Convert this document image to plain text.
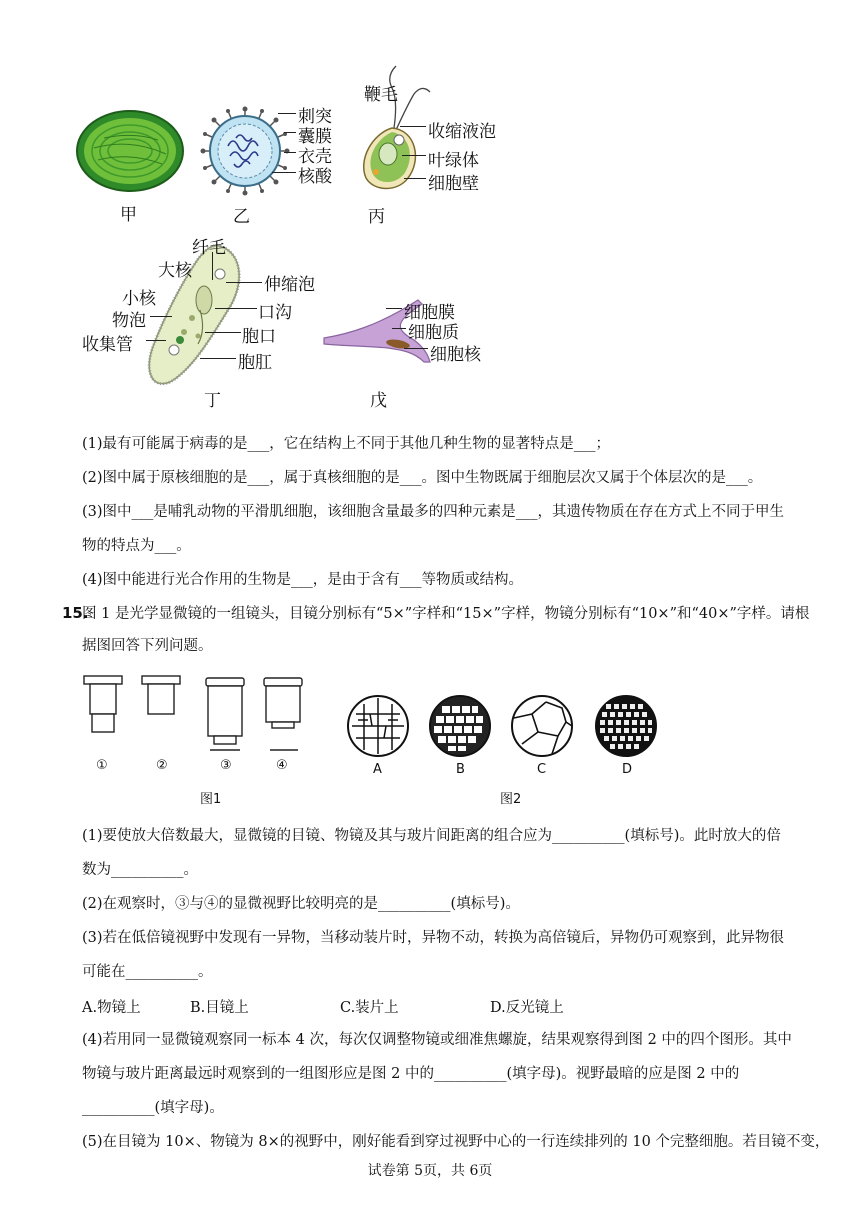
甲
刺突
囊膜
衣壳
核酸
乙
鞭毛
收缩液泡
叶绿体
细胞壁
丙
纤毛
大核
伸缩泡
小核
口沟
物泡
胞口
收集管
胞肛
丁
细胞膜
细胞质
细胞核
戊
(1)最有可能属于病毒的是___，它在结构上不同于其他几种生物的显著特点是___；
(2)图中属于原核细胞的是___，属于真核细胞的是___。图中生物既属于细胞层次又属于个体层次的是___。
(3)图中___是哺乳动物的平滑肌细胞，该细胞含量最多的四种元素是___，其遗传物质在存在方式上不同于甲生
物的特点为___。
(4)图中能进行光合作用的生物是___，是由于含有___等物质或结构。
15.
图 1 是光学显微镜的一组镜头，目镜分别标有“5×”字样和“15×”字样，物镜分别标有“10×”和“40×”字样。请根
据图回答下列问题。
①	②	③	④
图1
A	B	C	D
图2
(1)要使放大倍数最大，显微镜的目镜、物镜及其与玻片间距离的组合应为__________(填标号)。此时放大的倍
数为__________。
(2)在观察时，③与④的显微视野比较明亮的是__________(填标号)。
(3)若在低倍镜视野中发现有一异物，当移动装片时，异物不动，转换为高倍镜后，异物仍可观察到，此异物很
可能在__________。
A.物镜上	B.目镜上	C.装片上	D.反光镜上
(4)若用同一显微镜观察同一标本 4 次，每次仅调整物镜或细准焦螺旋，结果观察得到图 2 中的四个图形。其中
物镜与玻片距离最远时观察到的一组图形应是图 2 中的__________(填字母)。视野最暗的应是图 2 中的
__________(填字母)。
(5)在目镜为 10×、物镜为 8×的视野中，刚好能看到穿过视野中心的一行连续排列的 10 个完整细胞。若目镜不变，
试卷第 5页，共 6页
